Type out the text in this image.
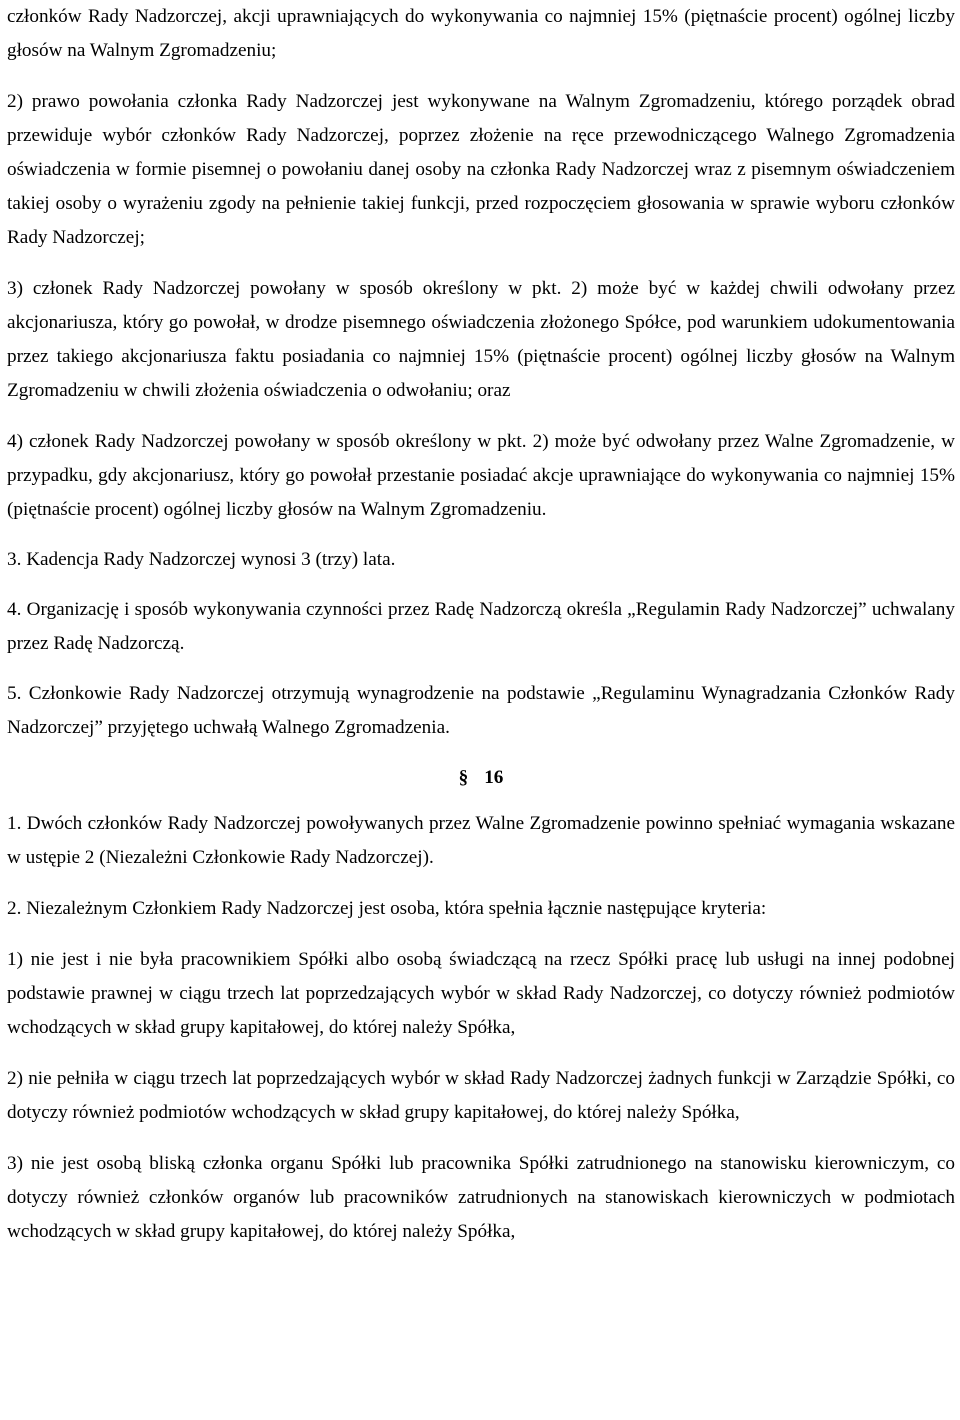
członków Rady Nadzorczej, akcji uprawniających do wykonywania co najmniej 15% (piętnaście procent) ogólnej liczby głosów na Walnym Zgromadzeniu;

2) prawo powołania członka Rady Nadzorczej jest wykonywane na Walnym Zgromadzeniu, którego porządek obrad przewiduje wybór członków Rady Nadzorczej, poprzez złożenie na ręce przewodniczącego Walnego Zgromadzenia oświadczenia w formie pisemnej o powołaniu danej osoby na członka Rady Nadzorczej wraz z pisemnym oświadczeniem takiej osoby o wyrażeniu zgody na pełnienie takiej funkcji, przed rozpoczęciem głosowania w sprawie wyboru członków Rady Nadzorczej;

3) członek Rady Nadzorczej powołany w sposób określony w pkt. 2) może być w każdej chwili odwołany przez akcjonariusza, który go powołał, w drodze pisemnego oświadczenia złożonego Spółce, pod warunkiem udokumentowania przez takiego akcjonariusza faktu posiadania co najmniej 15% (piętnaście procent) ogólnej liczby głosów na Walnym Zgromadzeniu w chwili złożenia oświadczenia o odwołaniu; oraz

4) członek Rady Nadzorczej powołany w sposób określony w pkt. 2) może być odwołany przez Walne Zgromadzenie, w przypadku, gdy akcjonariusz, który go powołał przestanie posiadać akcje uprawniające do wykonywania co najmniej 15% (piętnaście procent) ogólnej liczby głosów na Walnym Zgromadzeniu.

3. Kadencja Rady Nadzorczej wynosi 3 (trzy) lata.

4. Organizację i sposób wykonywania czynności przez Radę Nadzorczą określa „Regulamin Rady Nadzorczej” uchwalany przez Radę Nadzorczą.

5. Członkowie Rady Nadzorczej otrzymują wynagrodzenie na podstawie „Regulaminu Wynagradzania Członków Rady Nadzorczej” przyjętego uchwałą Walnego Zgromadzenia.

§ 16

1. Dwóch członków Rady Nadzorczej powoływanych przez Walne Zgromadzenie powinno spełniać wymagania wskazane w ustępie 2 (Niezależni Członkowie Rady Nadzorczej).

2. Niezależnym Członkiem Rady Nadzorczej jest osoba, która spełnia łącznie następujące kryteria:

1) nie jest i nie była pracownikiem Spółki albo osobą świadczącą na rzecz Spółki pracę lub usługi na innej podobnej podstawie prawnej w ciągu trzech lat poprzedzających wybór w skład Rady Nadzorczej, co dotyczy również podmiotów wchodzących w skład grupy kapitałowej, do której należy Spółka,

2) nie pełniła w ciągu trzech lat poprzedzających wybór w skład Rady Nadzorczej żadnych funkcji w Zarządzie Spółki, co dotyczy również podmiotów wchodzących w skład grupy kapitałowej, do której należy Spółka,

3) nie jest osobą bliską członka organu Spółki lub pracownika Spółki zatrudnionego na stanowisku kierowniczym, co dotyczy również członków organów lub pracowników zatrudnionych na stanowiskach kierowniczych w podmiotach wchodzących w skład grupy kapitałowej, do której należy Spółka,
